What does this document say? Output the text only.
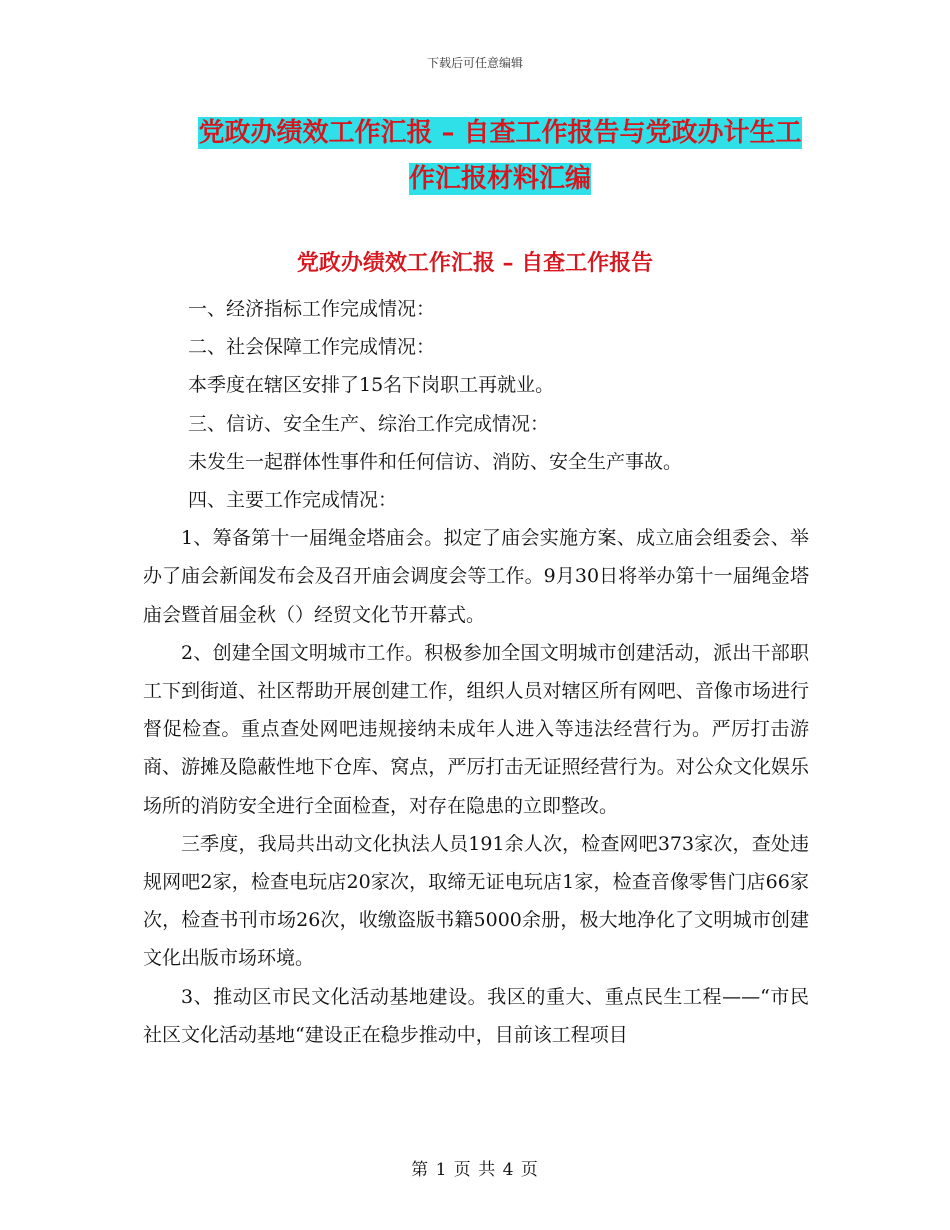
下载后可任意编辑
党政办绩效工作汇报 – 自查工作报告与党政办计生工
作汇报材料汇编
党政办绩效工作汇报 – 自查工作报告

一、经济指标工作完成情况：

二、社会保障工作完成情况：

本季度在辖区安排了15名下岗职工再就业。

三、信访、安全生产、综治工作完成情况：

未发生一起群体性事件和任何信访、消防、安全生产事故。

四、主要工作完成情况：

1、筹备第十一届绳金塔庙会。拟定了庙会实施方案、成立庙会组委会、举办了庙会新闻发布会及召开庙会调度会等工作。9月30日将举办第十一届绳金塔庙会暨首届金秋（）经贸文化节开幕式。

2、创建全国文明城市工作。积极参加全国文明城市创建活动，派出干部职工下到街道、社区帮助开展创建工作，组织人员对辖区所有网吧、音像市场进行督促检查。重点查处网吧违规接纳未成年人进入等违法经营行为。严厉打击游商、游摊及隐蔽性地下仓库、窝点，严厉打击无证照经营行为。对公众文化娱乐场所的消防安全进行全面检查，对存在隐患的立即整改。

三季度，我局共出动文化执法人员191余人次，检查网吧373家次，查处违规网吧2家，检查电玩店20家次，取缔无证电玩店1家，检查音像零售门店66家次，检查书刊市场26次，收缴盗版书籍5000余册，极大地净化了文明城市创建文化出版市场环境。

3、推动区市民文化活动基地建设。我区的重大、重点民生工程——“市民社区文化活动基地“建设正在稳步推动中，目前该工程项目

第 1 页 共 4 页
